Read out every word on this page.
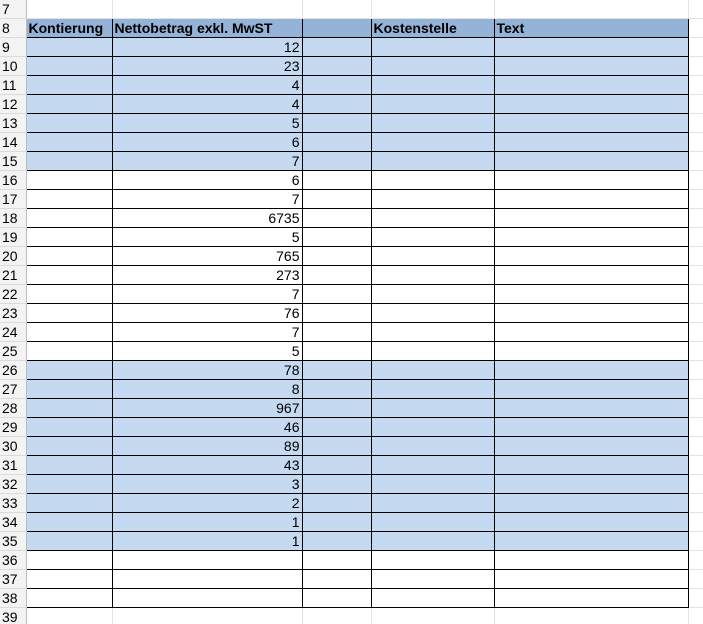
7						
8	Kontierung	Nettobetrag exkl. MwST		Kostenstelle	Text	
9		12				
10		23				
11		4				
12		4				
13		5				
14		6				
15		7				
16		6				
17		7				
18		6735				
19		5				
20		765				
21		273				
22		7				
23		76				
24		7				
25		5				
26		78				
27		8				
28		967				
29		46				
30		89				
31		43				
32		3				
33		2				
34		1				
35		1				
36						
37						
38						
39						
